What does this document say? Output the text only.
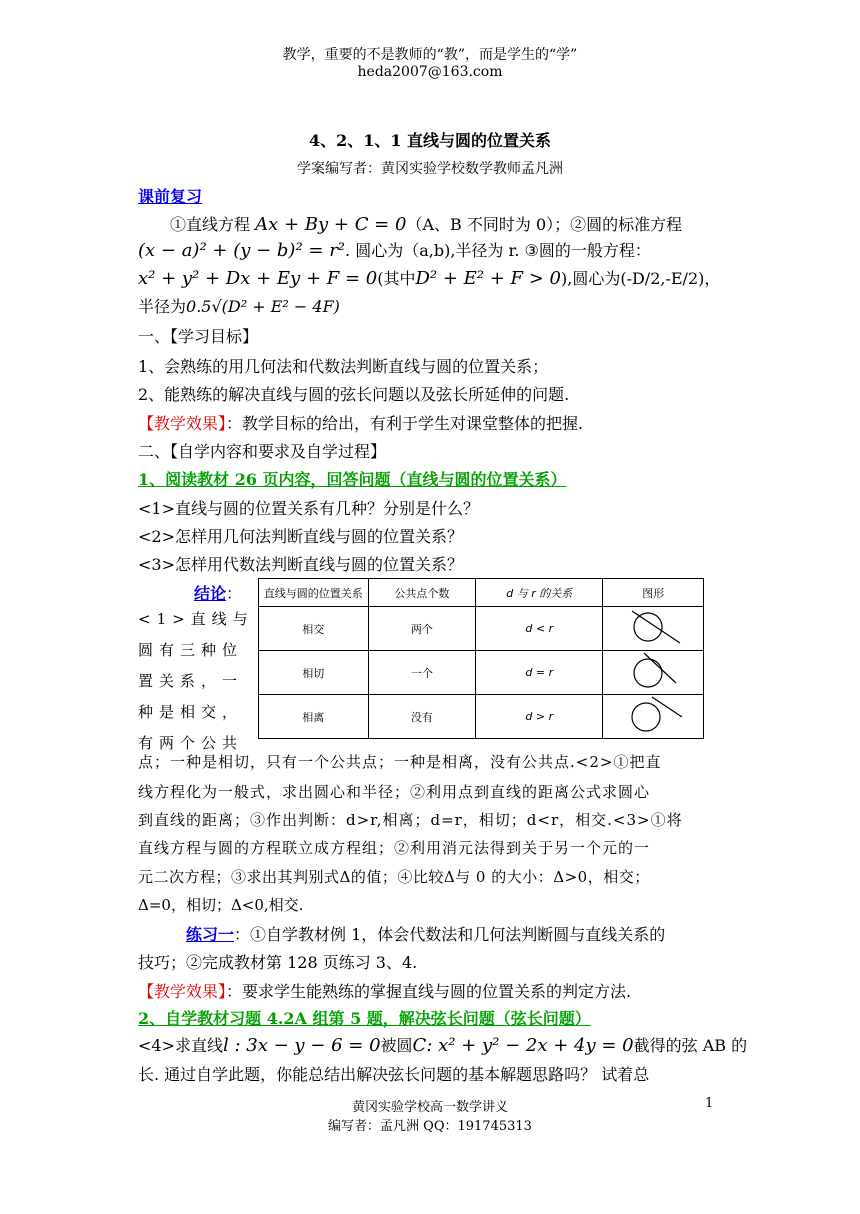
教学，重要的不是教师的“教”，而是学生的“学”
heda2007@163.com
4、2、1、1 直线与圆的位置关系
学案编写者：黄冈实验学校数学教师孟凡洲
课前复习
①直线方程 Ax + By + C = 0（A、B 不同时为 0）；②圆的标准方程
(x − a)² + (y − b)² = r². 圆心为（a,b),半径为 r. ③圆的一般方程：
x² + y² + Dx + Ey + F = 0(其中D² + E² + F > 0),圆心为(-D/2,-E/2)，
半径为0.5√(D² + E² − 4F)
一、【学习目标】
1、会熟练的用几何法和代数法判断直线与圆的位置关系；
2、能熟练的解决直线与圆的弦长问题以及弦长所延伸的问题.
【教学效果】：教学目标的给出，有利于学生对课堂整体的把握.
二、【自学内容和要求及自学过程】
1、阅读教材 26 页内容，回答问题（直线与圆的位置关系）
<1>直线与圆的位置关系有几种？分别是什么？
<2>怎样用几何法判断直线与圆的位置关系？
<3>怎样用代数法判断直线与圆的位置关系？
结论：
<1>直线与圆有三种位置关系，一种是相交，有两个公共
直线与圆的位置关系	公共点个数	d 与 r 的关系	图形
相交	两个	d < r	
相切	一个	d = r	
相离	没有	d > r	
点；一种是相切，只有一个公共点；一种是相离，没有公共点.<2>①把直
线方程化为一般式，求出圆心和半径；②利用点到直线的距离公式求圆心
到直线的距离；③作出判断：d>r,相离；d=r，相切；d<r，相交.<3>①将
直线方程与圆的方程联立成方程组；②利用消元法得到关于另一个元的一
元二次方程；③求出其判别式Δ的值；④比较Δ与 0 的大小：Δ>0，相交；
Δ=0，相切；Δ<0,相交.
练习一：①自学教材例 1，体会代数法和几何法判断圆与直线关系的
技巧；②完成教材第 128 页练习 3、4.
【教学效果】：要求学生能熟练的掌握直线与圆的位置关系的判定方法.
2、自学教材习题 4.2A 组第 5 题，解决弦长问题（弦长问题）
<4>求直线l : 3x − y − 6 = 0被圆C: x² + y² − 2x + 4y = 0截得的弦 AB 的
长. 通过自学此题，你能总结出解决弦长问题的基本解题思路吗？ 试着总
黄冈实验学校高一数学讲义	1
编写者：孟凡洲 QQ：191745313
